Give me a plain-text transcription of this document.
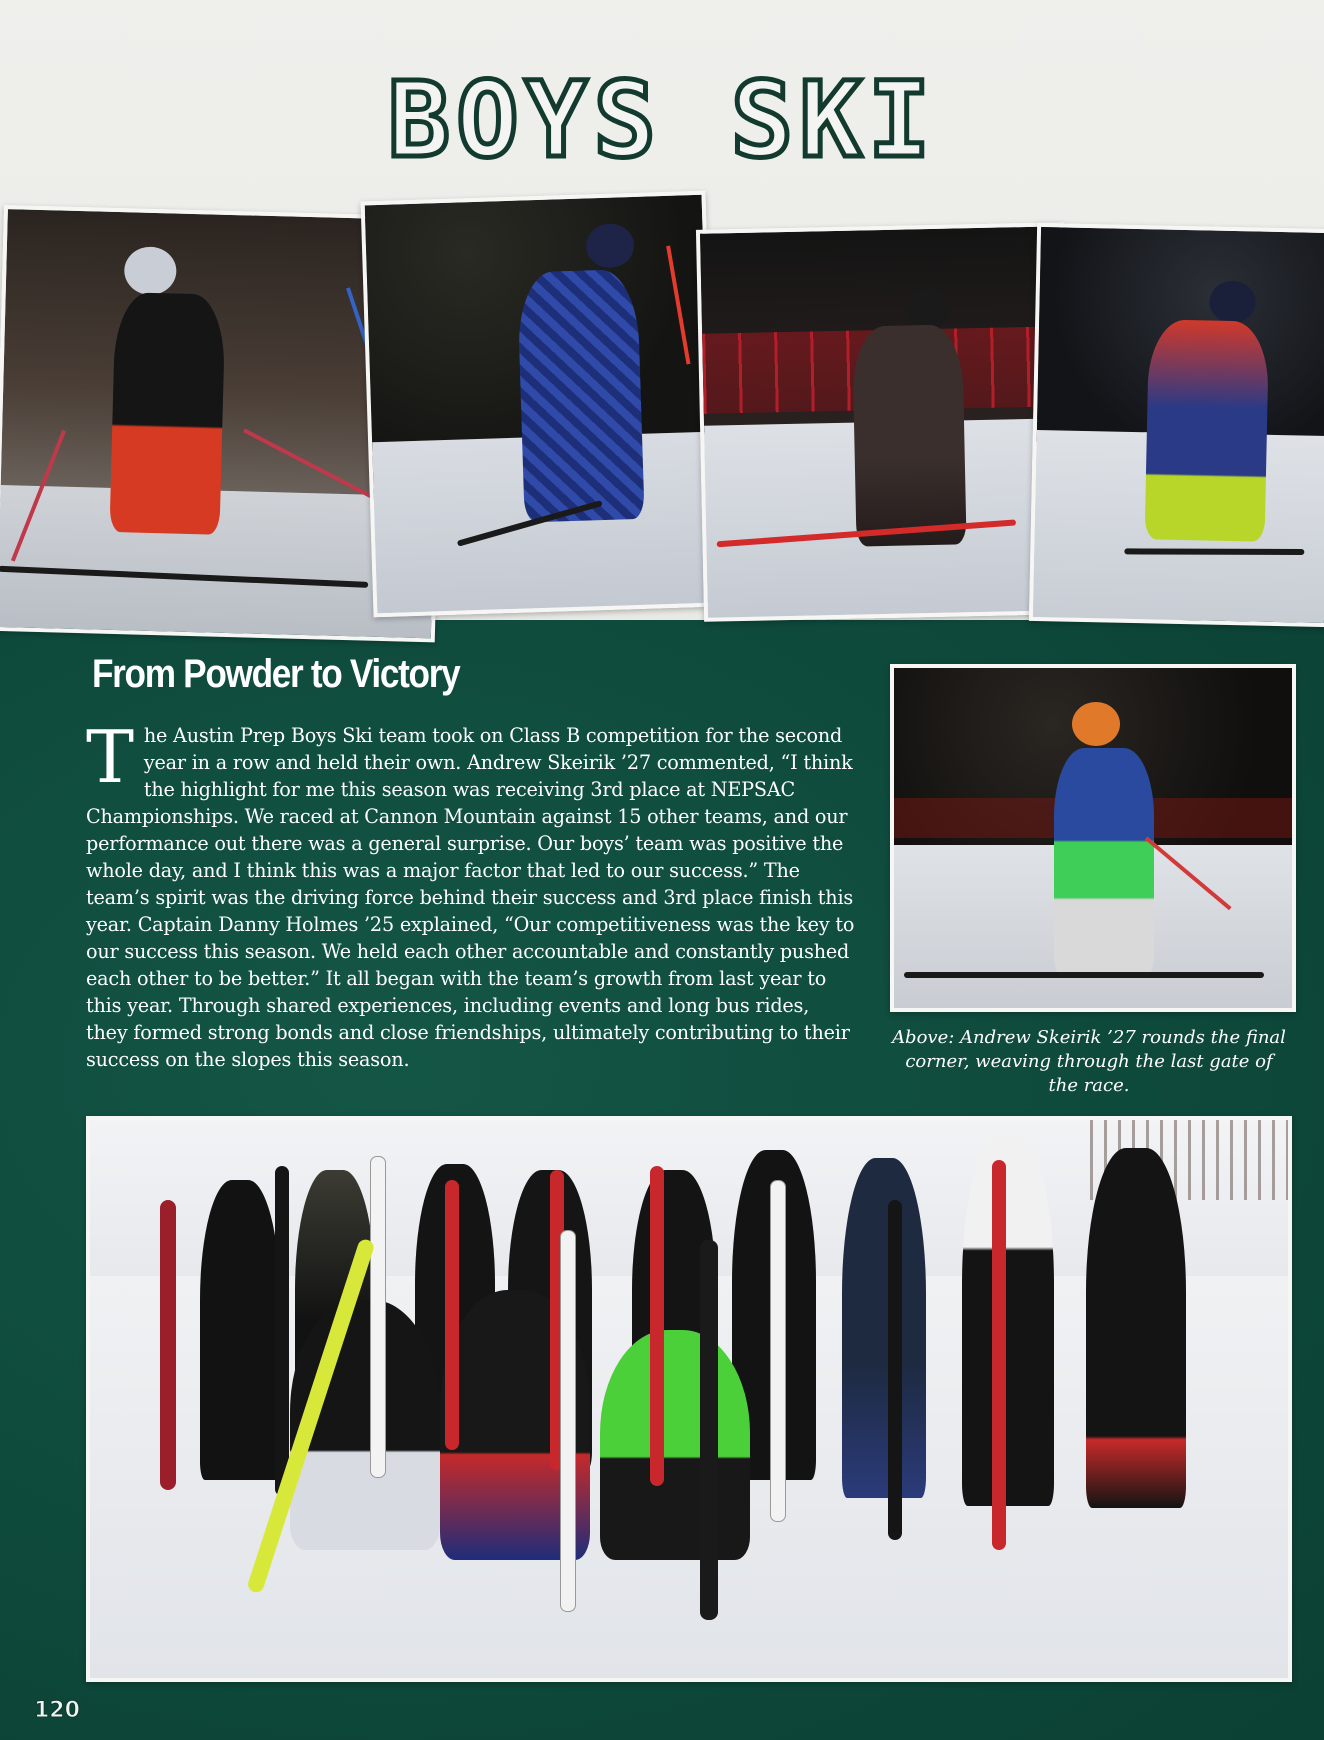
BOYS SKI
From Powder to Victory

The Austin Prep Boys Ski team took on Class B competition for the second year in a row and held their own. Andrew Skeirik ’27 commented, “I think the highlight for me this season was receiving 3rd place at NEPSAC Championships. We raced at Cannon Mountain against 15 other teams, and our performance out there was a general surprise. Our boys’ team was positive the whole day, and I think this was a major factor that led to our success.” The team’s spirit was the driving force behind their success and 3rd place finish this year. Captain Danny Holmes ’25 explained, “Our competitiveness was the key to our success this season. We held each other accountable and constantly pushed each other to be better.” It all began with the team’s growth from last year to this year. Through shared experiences, including events and long bus rides, they formed strong bonds and close friendships, ultimately contributing to their success on the slopes this season.

Above: Andrew Skeirik ’27 rounds the final corner, weaving through the last gate of the race.

120
